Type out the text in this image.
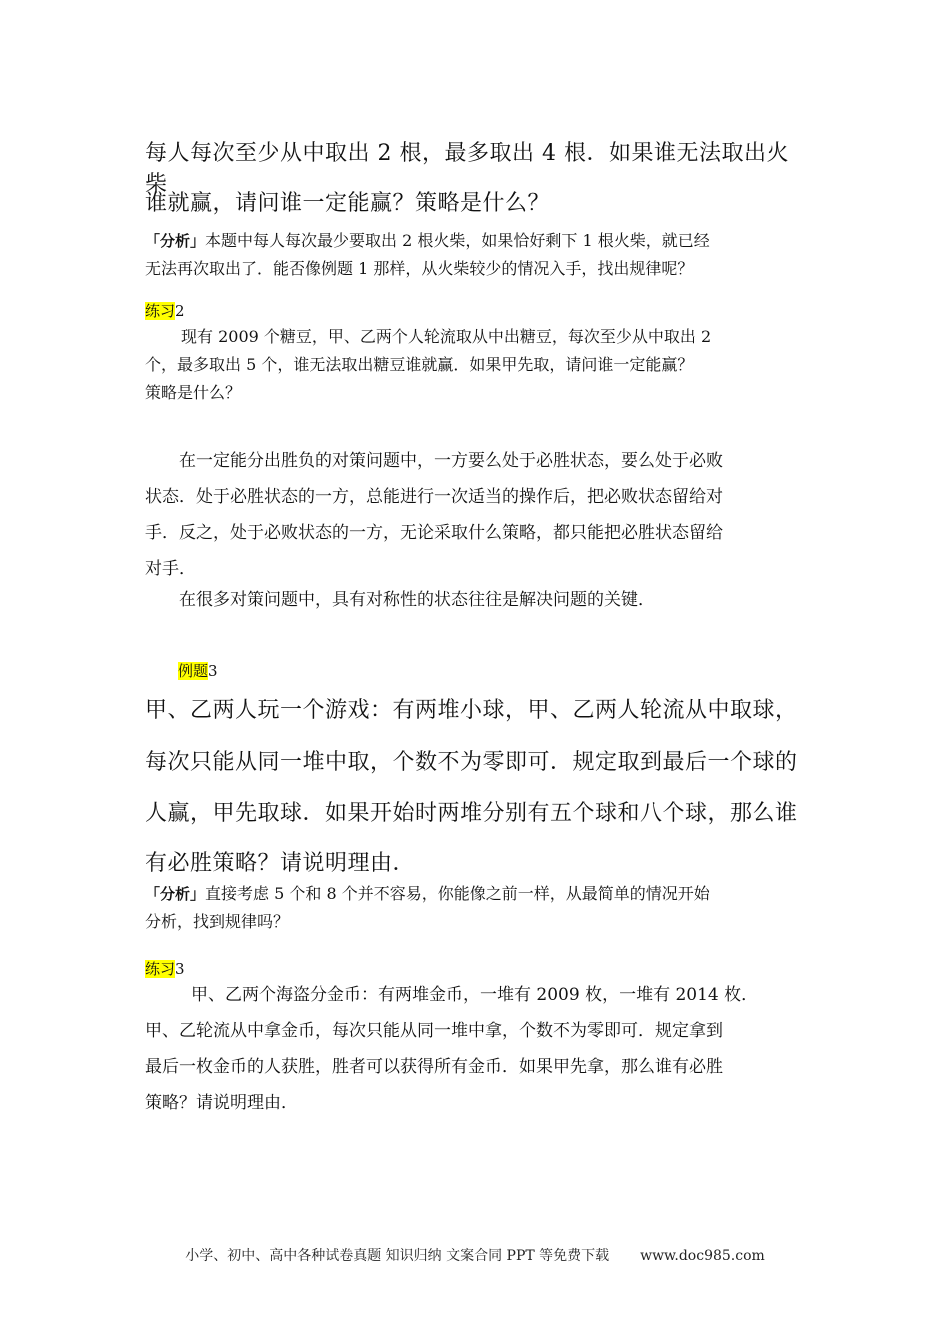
每人每次至少从中取出 2 根，最多取出 4 根．如果谁无法取出火柴

谁就赢，请问谁一定能赢？策略是什么？

「分析」本题中每人每次最少要取出 2 根火柴，如果恰好剩下 1 根火柴，就已经
无法再次取出了．能否像例题 1 那样，从火柴较少的情况入手，找出规律呢？
练习2
现有 2009 个糖豆，甲、乙两个人轮流取从中出糖豆，每次至少从中取出 2
个，最多取出 5 个，谁无法取出糖豆谁就赢．如果甲先取，请问谁一定能赢？
策略是什么？
在一定能分出胜负的对策问题中，一方要么处于必胜状态，要么处于必败
状态．处于必胜状态的一方，总能进行一次适当的操作后，把必败状态留给对
手．反之，处于必败状态的一方，无论采取什么策略，都只能把必胜状态留给
对手．
在很多对策问题中，具有对称性的状态往往是解决问题的关键．
例题3

甲、乙两人玩一个游戏：有两堆小球，甲、乙两人轮流从中取球，

每次只能从同一堆中取，个数不为零即可．规定取到最后一个球的

人赢，甲先取球．如果开始时两堆分别有五个球和八个球，那么谁

有必胜策略？请说明理由．

「分析」直接考虑 5 个和 8 个并不容易，你能像之前一样，从最简单的情况开始
分析，找到规律吗？
练习3
甲、乙两个海盗分金币：有两堆金币，一堆有 2009 枚，一堆有 2014 枚．
甲、乙轮流从中拿金币，每次只能从同一堆中拿，个数不为零即可．规定拿到
最后一枚金币的人获胜，胜者可以获得所有金币．如果甲先拿，那么谁有必胜
策略？请说明理由．
小学、初中、高中各种试卷真题 知识归纳 文案合同 PPT 等免费下载 www.doc985.com
